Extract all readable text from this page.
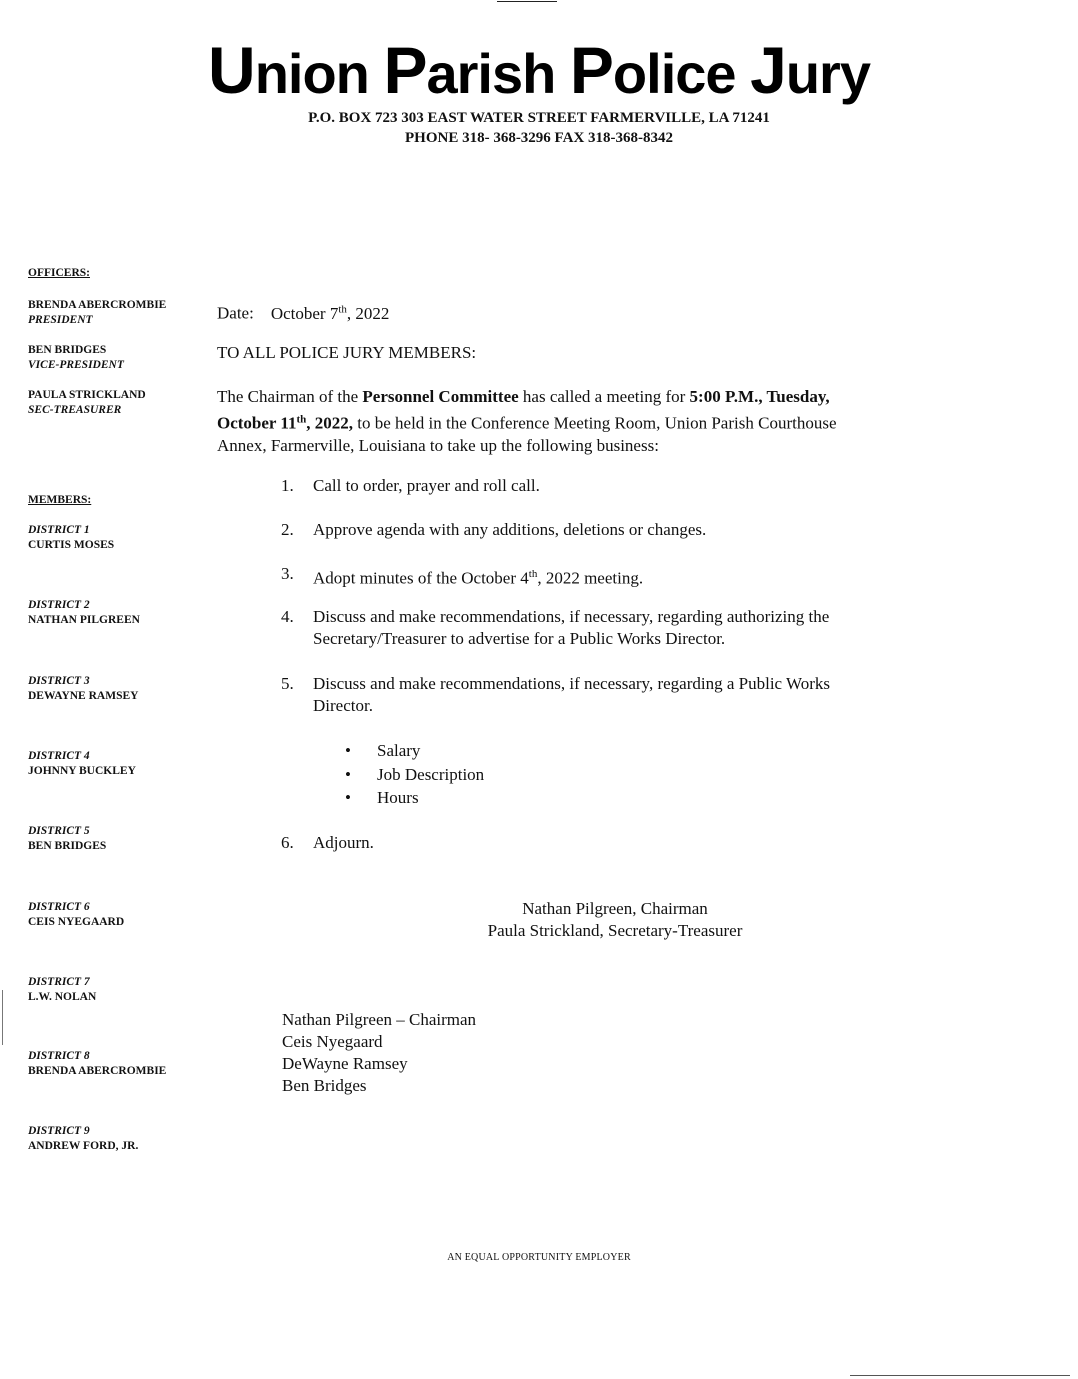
Union Parish Police Jury
P.O. BOX 723 303 EAST WATER STREET FARMERVILLE, LA 71241
PHONE 318- 368-3296 FAX 318-368-8342
OFFICERS:
BRENDA ABERCROMBIE
PRESIDENT
BEN BRIDGES
VICE-PRESIDENT
PAULA STRICKLAND
SEC-TREASURER
MEMBERS:
DISTRICT 1
CURTIS MOSES
DISTRICT 2
NATHAN PILGREEN
DISTRICT 3
DEWAYNE RAMSEY
DISTRICT 4
JOHNNY BUCKLEY
DISTRICT 5
BEN BRIDGES
DISTRICT 6
CEIS NYEGAARD
DISTRICT 7
L.W. NOLAN
DISTRICT 8
BRENDA ABERCROMBIE
DISTRICT 9
ANDREW FORD, JR.
Date: October 7th, 2022
TO ALL POLICE JURY MEMBERS:
The Chairman of the Personnel Committee has called a meeting for 5:00 P.M., Tuesday,
October 11th, 2022, to be held in the Conference Meeting Room, Union Parish Courthouse
Annex, Farmerville, Louisiana to take up the following business:
1.	Call to order, prayer and roll call.
2.	Approve agenda with any additions, deletions or changes.
3.	Adopt minutes of the October 4th, 2022 meeting.
4.	Discuss and make recommendations, if necessary, regarding authorizing the
Secretary/Treasurer to advertise for a Public Works Director.
5.	Discuss and make recommendations, if necessary, regarding a Public Works
Director.
• Salary
• Job Description
• Hours
6.	Adjourn.
Nathan Pilgreen, Chairman
Paula Strickland, Secretary-Treasurer
Nathan Pilgreen – Chairman
Ceis Nyegaard
DeWayne Ramsey
Ben Bridges
AN EQUAL OPPORTUNITY EMPLOYER
